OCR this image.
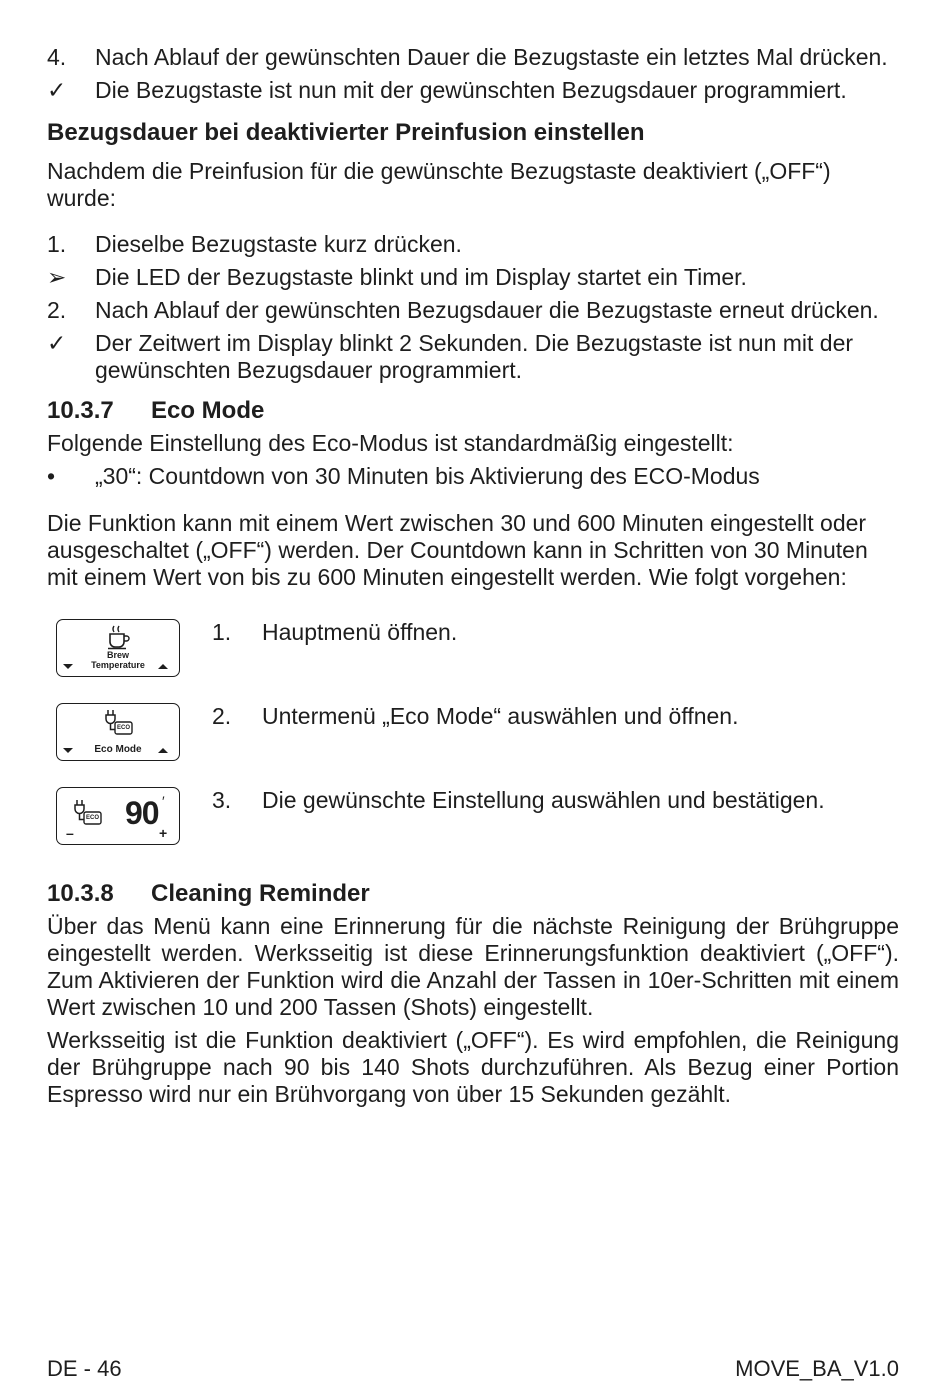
4.	Nach Ablauf der gewünschten Dauer die Bezugstaste ein letztes Mal drücken.
✓	Die Bezugstaste ist nun mit der gewünschten Bezugsdauer programmiert.
Bezugsdauer bei deaktivierter Preinfusion einstellen

Nachdem die Preinfusion für die gewünschte Bezugstaste deaktiviert („OFF“) wurde:

1.	Dieselbe Bezugstaste kurz drücken.
➢	Die LED der Bezugstaste blinkt und im Display startet ein Timer.
2.	Nach Ablauf der gewünschten Bezugsdauer die Bezugstaste erneut drücken.
✓	Der Zeitwert im Display blinkt 2 Sekunden. Die Bezugstaste ist nun mit der gewünschten Bezugsdauer programmiert.
10.3.7	Eco Mode

Folgende Einstellung des Eco-Modus ist standardmäßig eingestellt:

•	„30“: Countdown von 30 Minuten bis Aktivierung des ECO-Modus

Die Funktion kann mit einem Wert zwischen 30 und 600 Minuten eingestellt oder ausgeschaltet („OFF“) werden. Der Countdown kann in Schritten von 30 Minuten mit einem Wert von bis zu 600 Minuten eingestellt werden. Wie folgt vorgehen:

Brew
Temperature
1.	Hauptmenü öffnen.
ECO
Eco Mode
2.	Untermenü „Eco Mode“ auswählen und öffnen.
ECO 90 ′
–	+
3.	Die gewünschte Einstellung auswählen und bestätigen.
10.3.8	Cleaning Reminder

Über das Menü kann eine Erinnerung für die nächste Reinigung der Brühgruppe eingestellt werden. Werksseitig ist diese Erinnerungsfunktion deaktiviert („OFF“). Zum Aktivieren der Funktion wird die Anzahl der Tassen in 10er-Schritten mit einem Wert zwischen 10 und 200 Tassen (Shots) eingestellt.

Werksseitig ist die Funktion deaktiviert („OFF“). Es wird empfohlen, die Reinigung der Brühgruppe nach 90 bis 140 Shots durchzuführen. Als Bezug einer Portion Espresso wird nur ein Brühvorgang von über 15 Sekunden gezählt.

DE - 46	MOVE_BA_V1.0
